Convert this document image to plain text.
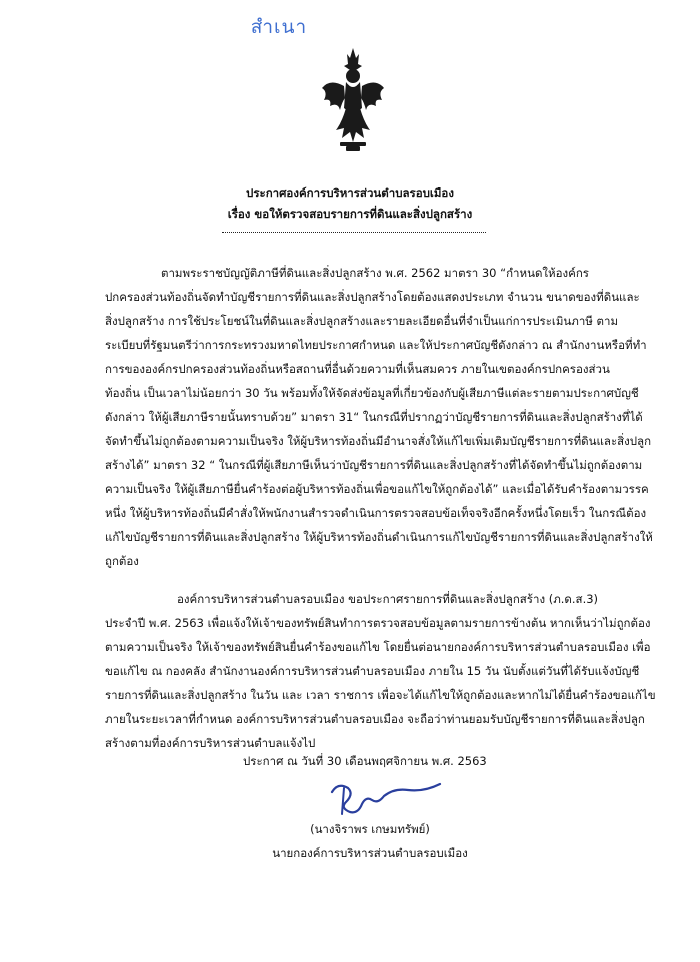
สำเนา
ประกาศองค์การบริหารส่วนตำบลรอบเมือง
เรื่อง ขอให้ตรวจสอบรายการที่ดินและสิ่งปลูกสร้าง
ตามพระราชบัญญัติภาษีที่ดินและสิ่งปลูกสร้าง พ.ศ. 2562 มาตรา 30 “กำหนดให้องค์กร
ปกครองส่วนท้องถิ่นจัดทำบัญชีรายการที่ดินและสิ่งปลูกสร้างโดยต้องแสดงประเภท จำนวน ขนาดของที่ดินและ
สิ่งปลูกสร้าง การใช้ประโยชน์ในที่ดินและสิ่งปลูกสร้างและรายละเอียดอื่นที่จำเป็นแก่การประเมินภาษี ตาม
ระเบียบที่รัฐมนตรีว่าการกระทรวงมหาดไทยประกาศกำหนด และให้ประกาศบัญชีดังกล่าว ณ สำนักงานหรือที่ทำ
การขององค์กรปกครองส่วนท้องถิ่นหรือสถานที่อื่นด้วยความที่เห็นสมควร ภายในเขตองค์กรปกครองส่วน
ท้องถิ่น เป็นเวลาไม่น้อยกว่า 30 วัน พร้อมทั้งให้จัดส่งข้อมูลที่เกี่ยวข้องกับผู้เสียภาษีแต่ละรายตามประกาศบัญชี
ดังกล่าว ให้ผู้เสียภาษีรายนั้นทราบด้วย” มาตรา 31“ ในกรณีที่ปรากฏว่าบัญชีรายการที่ดินและสิ่งปลูกสร้างที่ได้
จัดทำขึ้นไม่ถูกต้องตามความเป็นจริง ให้ผู้บริหารท้องถิ่นมีอำนาจสั่งให้แก้ไขเพิ่มเติมบัญชีรายการที่ดินและสิ่งปลูก
สร้างได้” มาตรา 32 “ ในกรณีที่ผู้เสียภาษีเห็นว่าบัญชีรายการที่ดินและสิ่งปลูกสร้างที่ได้จัดทำขึ้นไม่ถูกต้องตาม
ความเป็นจริง ให้ผู้เสียภาษียื่นคำร้องต่อผู้บริหารท้องถิ่นเพื่อขอแก้ไขให้ถูกต้องได้” และเมื่อได้รับคำร้องตามวรรค
หนึ่ง ให้ผู้บริหารท้องถิ่นมีคำสั่งให้พนักงานสำรวจดำเนินการตรวจสอบข้อเท็จจริงอีกครั้งหนึ่งโดยเร็ว ในกรณีต้อง
แก้ไขบัญชีรายการที่ดินและสิ่งปลูกสร้าง ให้ผู้บริหารท้องถิ่นดำเนินการแก้ไขบัญชีรายการที่ดินและสิ่งปลูกสร้างให้
ถูกต้อง
องค์การบริหารส่วนตำบลรอบเมือง ขอประกาศรายการที่ดินและสิ่งปลูกสร้าง (ภ.ด.ส.3)
ประจำปี พ.ศ. 2563 เพื่อแจ้งให้เจ้าของทรัพย์สินทำการตรวจสอบข้อมูลตามรายการข้างต้น หากเห็นว่าไม่ถูกต้อง
ตามความเป็นจริง ให้เจ้าของทรัพย์สินยื่นคำร้องขอแก้ไข โดยยื่นต่อนายกองค์การบริหารส่วนตำบลรอบเมือง เพื่อ
ขอแก้ไข ณ กองคลัง สำนักงานองค์การบริหารส่วนตำบลรอบเมือง ภายใน 15 วัน นับตั้งแต่วันที่ได้รับแจ้งบัญชี
รายการที่ดินและสิ่งปลูกสร้าง ในวัน และ เวลา ราชการ เพื่อจะได้แก้ไขให้ถูกต้องและหากไม่ได้ยื่นคำร้องขอแก้ไข
ภายในระยะเวลาที่กำหนด องค์การบริหารส่วนตำบลรอบเมือง จะถือว่าท่านยอมรับบัญชีรายการที่ดินและสิ่งปลูก
สร้างตามที่องค์การบริหารส่วนตำบลแจ้งไป
ประกาศ ณ วันที่ 30 เดือนพฤศจิกายน พ.ศ. 2563
(นางจิราพร เกษมทรัพย์)
นายกองค์การบริหารส่วนตำบลรอบเมือง
